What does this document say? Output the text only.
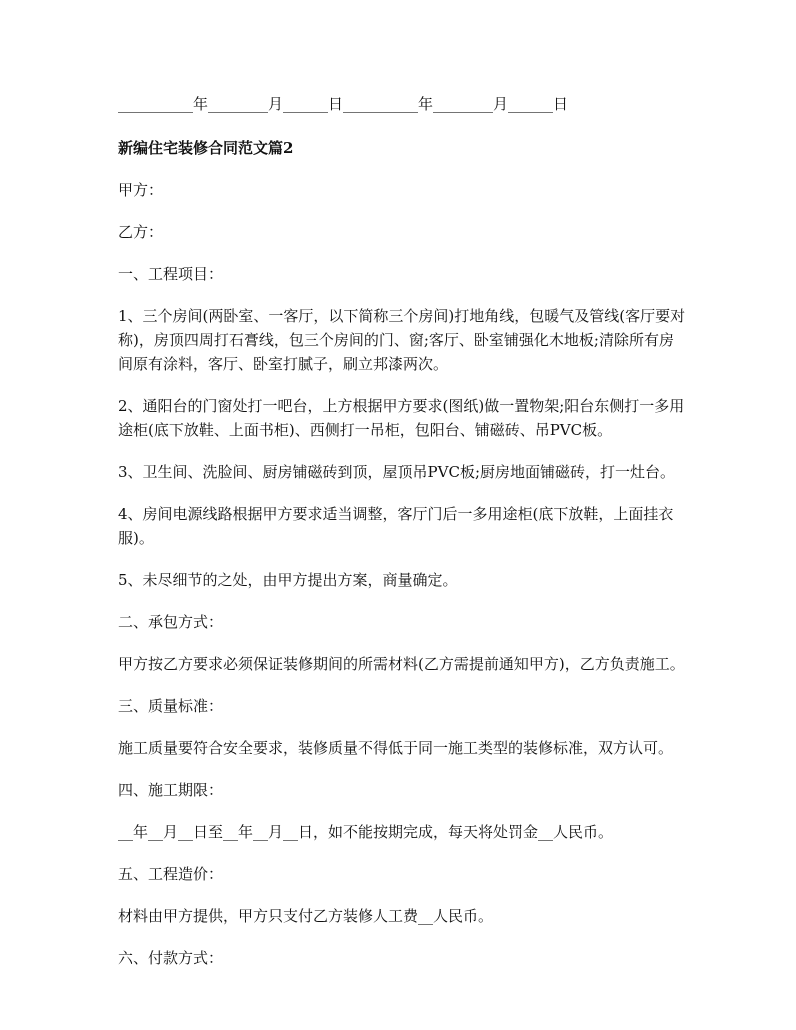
__________年________月______日__________年________月______日

新编住宅装修合同范文篇2

甲方：

乙方：

一、工程项目：

1、三个房间(两卧室、一客厅，以下简称三个房间)打地角线，包暖气及管线(客厅要对称)，房顶四周打石膏线，包三个房间的门、窗;客厅、卧室铺强化木地板;清除所有房间原有涂料，客厅、卧室打腻子，刷立邦漆两次。

2、通阳台的门窗处打一吧台，上方根据甲方要求(图纸)做一置物架;阳台东侧打一多用途柜(底下放鞋、上面书柜)、西侧打一吊柜，包阳台、铺磁砖、吊PVC板。

3、卫生间、洗脸间、厨房铺磁砖到顶，屋顶吊PVC板;厨房地面铺磁砖，打一灶台。

4、房间电源线路根据甲方要求适当调整，客厅门后一多用途柜(底下放鞋，上面挂衣服)。

5、未尽细节的之处，由甲方提出方案，商量确定。

二、承包方式：

甲方按乙方要求必须保证装修期间的所需材料(乙方需提前通知甲方)，乙方负责施工。

三、质量标准：

施工质量要符合安全要求，装修质量不得低于同一施工类型的装修标准，双方认可。

四、施工期限：

__年__月__日至__年__月__日，如不能按期完成，每天将处罚金__人民币。

五、工程造价：

材料由甲方提供，甲方只支付乙方装修人工费__人民币。

六、付款方式：
